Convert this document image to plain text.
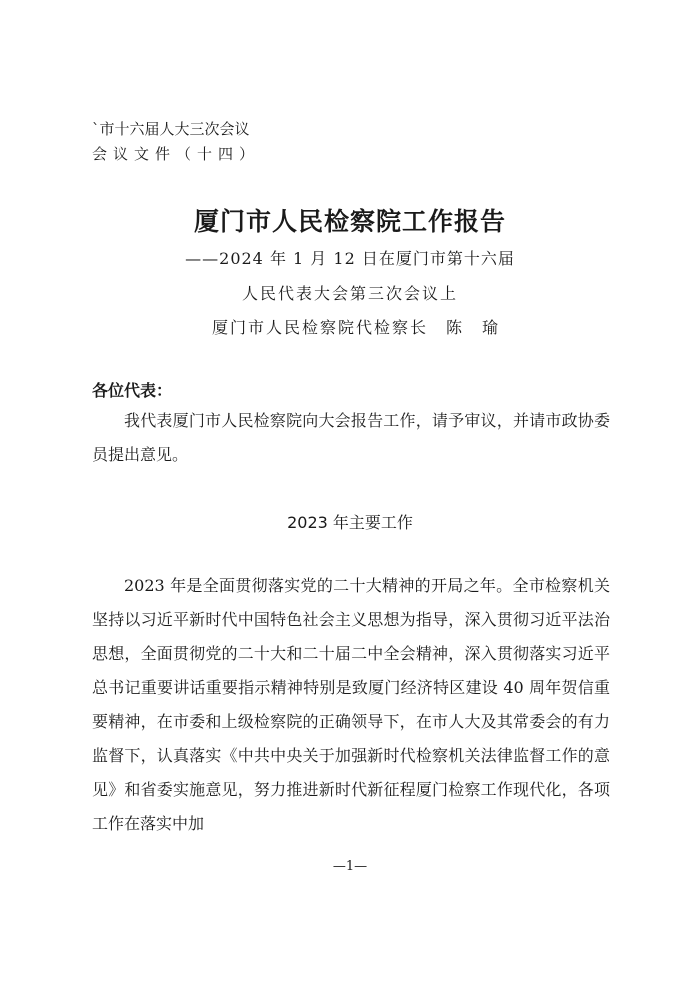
`市十六届人大三次会议
会议文件（十四）
厦门市人民检察院工作报告
——2024 年 1 月 12 日在厦门市第十六届
人民代表大会第三次会议上
厦门市人民检察院代检察长　陈　瑜
各位代表：

我代表厦门市人民检察院向大会报告工作，请予审议，并请市政协委员提出意见。

2023 年主要工作

2023 年是全面贯彻落实党的二十大精神的开局之年。全市检察机关坚持以习近平新时代中国特色社会主义思想为指导，深入贯彻习近平法治思想，全面贯彻党的二十大和二十届二中全会精神，深入贯彻落实习近平总书记重要讲话重要指示精神特别是致厦门经济特区建设 40 周年贺信重要精神，在市委和上级检察院的正确领导下，在市人大及其常委会的有力监督下，认真落实《中共中央关于加强新时代检察机关法律监督工作的意见》和省委实施意见，努力推进新时代新征程厦门检察工作现代化，各项工作在落实中加

—1—
